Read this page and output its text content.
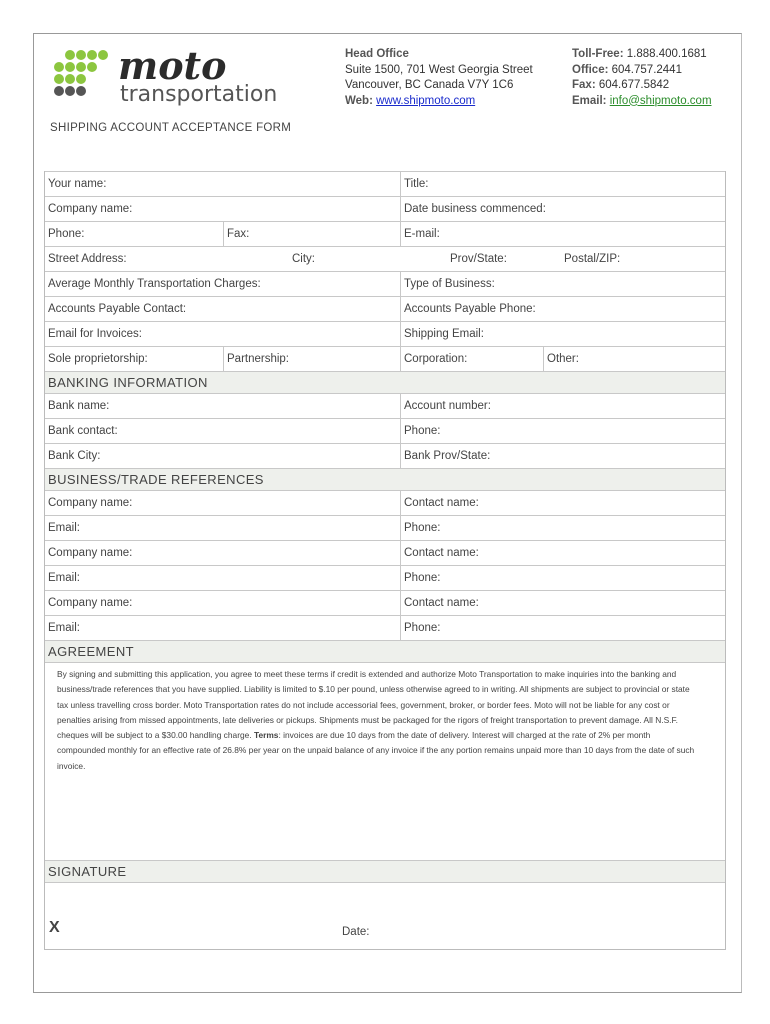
moto
transportation
SHIPPING ACCOUNT ACCEPTANCE FORM
Head Office
Suite 1500, 701 West Georgia Street
Vancouver, BC Canada V7Y 1C6
Web: www.shipmoto.com
Toll-Free: 1.888.400.1681
Office: 604.757.2441
Fax: 604.677.5842
Email: info@shipmoto.com
Your name:	Title:
Company name:	Date business commenced:
Phone:	Fax:	E-mail:
Street Address:	City:	Prov/State:	Postal/ZIP:
Average Monthly Transportation Charges:	Type of Business:
Accounts Payable Contact:	Accounts Payable Phone:
Email for Invoices:	Shipping Email:
Sole proprietorship:	Partnership:	Corporation:	Other:
BANKING INFORMATION
Bank name:	Account number:
Bank contact:	Phone:
Bank City:	Bank Prov/State:
BUSINESS/TRADE REFERENCES
Company name:	Contact name:
Email:	Phone:
Company name:	Contact name:
Email:	Phone:
Company name:	Contact name:
Email:	Phone:
AGREEMENT
By signing and submitting this application, you agree to meet these terms if credit is extended and authorize Moto Transportation to make inquiries into the banking and business/trade references that you have supplied. Liability is limited to $.10 per pound, unless otherwise agreed to in writing. All shipments are subject to provincial or state tax unless travelling cross border. Moto Transportation rates do not include accessorial fees, government, broker, or border fees. Moto will not be liable for any cost or penalties arising from missed appointments, late deliveries or pickups. Shipments must be packaged for the rigors of freight transportation to prevent damage. All N.S.F. cheques will be subject to a $30.00 handling charge. Terms: invoices are due 10 days from the date of delivery. Interest will charged at the rate of 2% per month compounded monthly for an effective rate of 26.8% per year on the unpaid balance of any invoice if the any portion remains unpaid more than 10 days from the date of such invoice.
SIGNATURE
X	Date:
